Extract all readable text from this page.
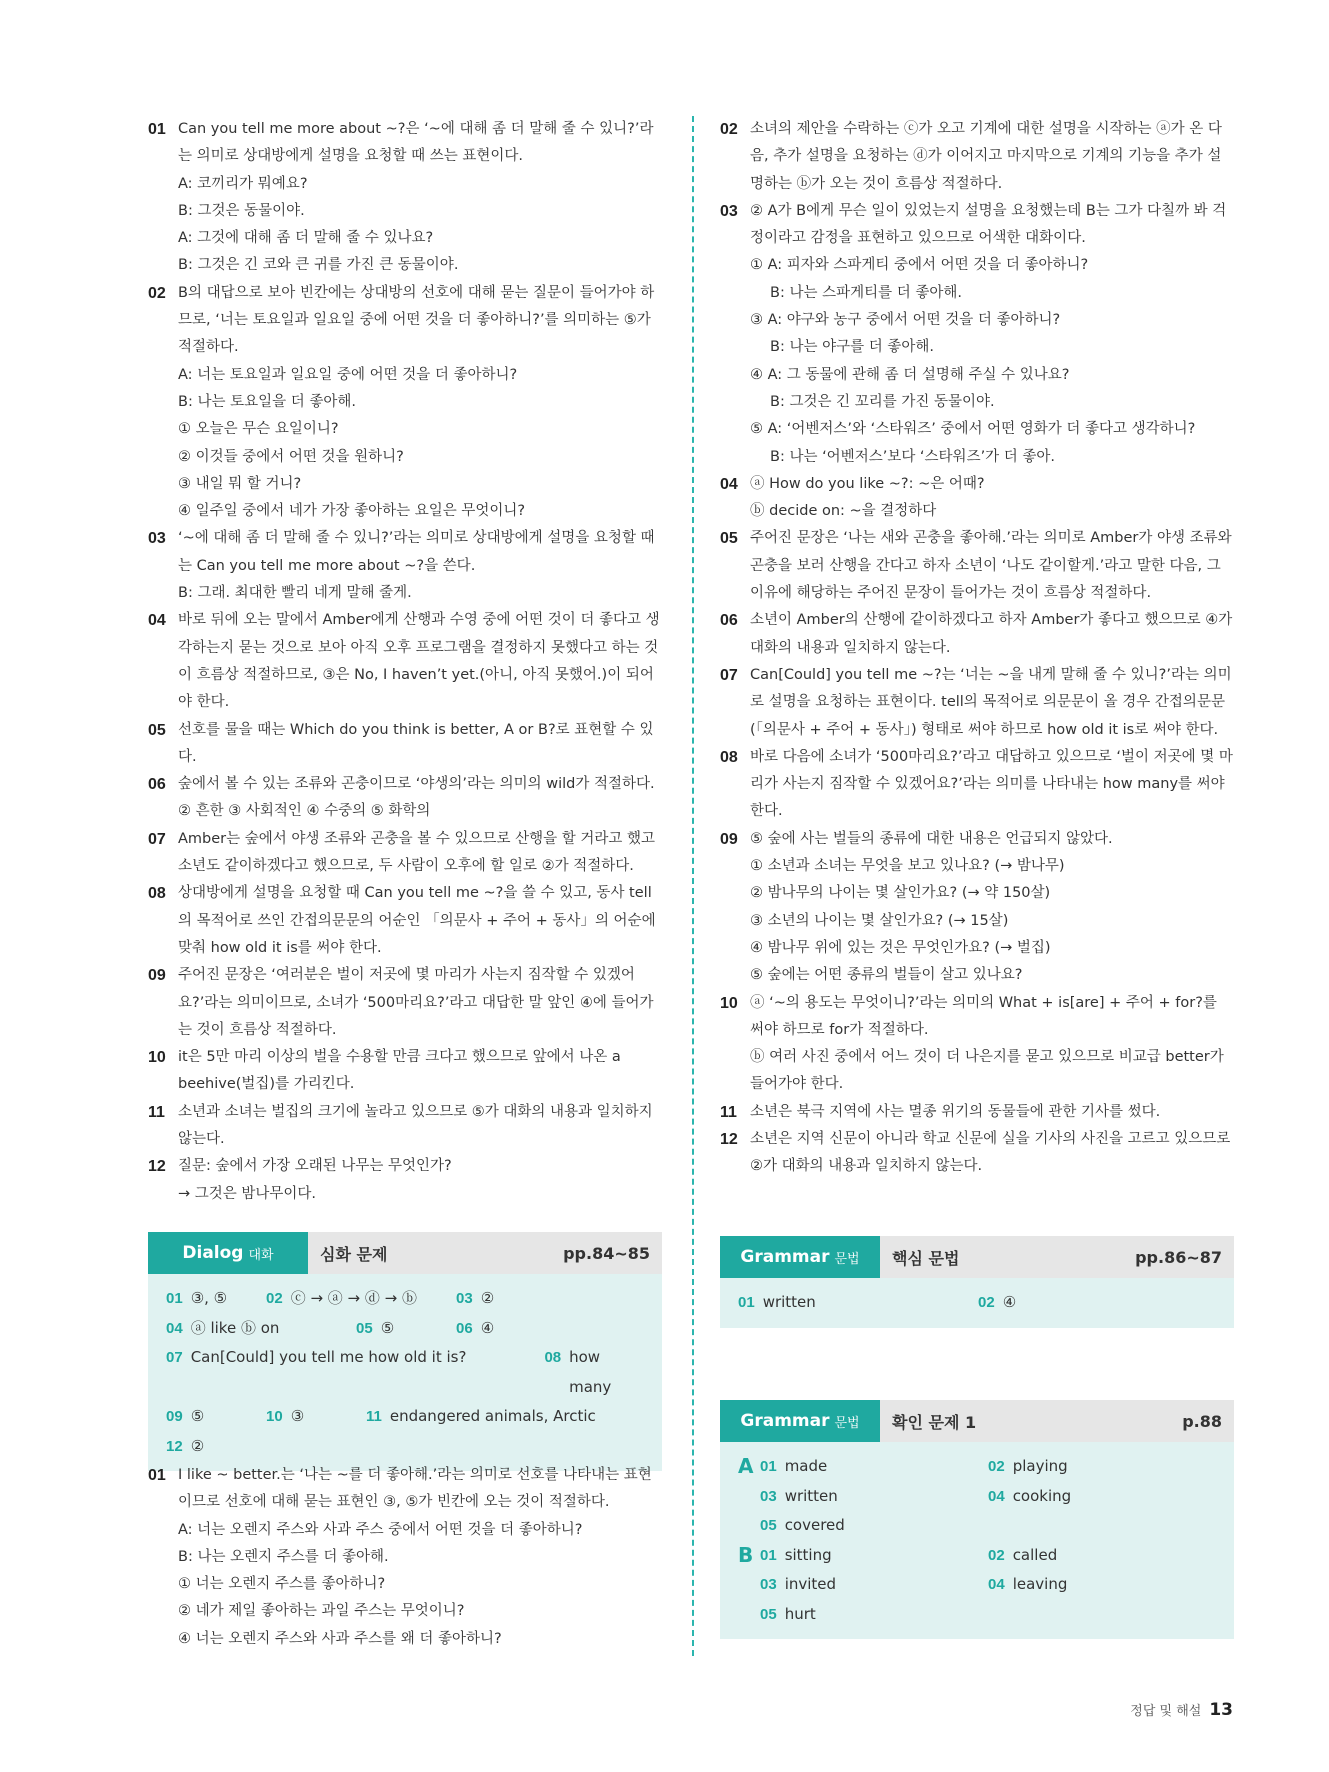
01 Can you tell me more about ~?은 ‘~에 대해 좀 더 말해 줄 수 있니?’라는 의미로 상대방에게 설명을 요청할 때 쓰는 표현이다.

A: 코끼리가 뭐예요?

B: 그것은 동물이야.

A: 그것에 대해 좀 더 말해 줄 수 있나요?

B: 그것은 긴 코와 큰 귀를 가진 큰 동물이야.

02 B의 대답으로 보아 빈칸에는 상대방의 선호에 대해 묻는 질문이 들어가야 하므로, ‘너는 토요일과 일요일 중에 어떤 것을 더 좋아하니?’를 의미하는 ⑤가 적절하다.

A: 너는 토요일과 일요일 중에 어떤 것을 더 좋아하니?

B: 나는 토요일을 더 좋아해.

① 오늘은 무슨 요일이니?

② 이것들 중에서 어떤 것을 원하니?

③ 내일 뭐 할 거니?

④ 일주일 중에서 네가 가장 좋아하는 요일은 무엇이니?

03 ‘~에 대해 좀 더 말해 줄 수 있니?’라는 의미로 상대방에게 설명을 요청할 때는 Can you tell me more about ~?을 쓴다.

B: 그래. 최대한 빨리 네게 말해 줄게.

04 바로 뒤에 오는 말에서 Amber에게 산행과 수영 중에 어떤 것이 더 좋다고 생각하는지 묻는 것으로 보아 아직 오후 프로그램을 결정하지 못했다고 하는 것이 흐름상 적절하므로, ③은 No, I haven’t yet.(아니, 아직 못했어.)이 되어야 한다.

05 선호를 물을 때는 Which do you think is better, A or B?로 표현할 수 있다.

06 숲에서 볼 수 있는 조류와 곤충이므로 ‘야생의’라는 의미의 wild가 적절하다.

② 흔한 ③ 사회적인 ④ 수중의 ⑤ 화학의

07 Amber는 숲에서 야생 조류와 곤충을 볼 수 있으므로 산행을 할 거라고 했고 소년도 같이하겠다고 했으므로, 두 사람이 오후에 할 일로 ②가 적절하다.

08 상대방에게 설명을 요청할 때 Can you tell me ~?을 쓸 수 있고, 동사 tell의 목적어로 쓰인 간접의문문의 어순인 「의문사 + 주어 + 동사」의 어순에 맞춰 how old it is를 써야 한다.

09 주어진 문장은 ‘여러분은 벌이 저곳에 몇 마리가 사는지 짐작할 수 있겠어요?’라는 의미이므로, 소녀가 ‘500마리요?’라고 대답한 말 앞인 ④에 들어가는 것이 흐름상 적절하다.

10 it은 5만 마리 이상의 벌을 수용할 만큼 크다고 했으므로 앞에서 나온 a beehive(벌집)를 가리킨다.

11 소년과 소녀는 벌집의 크기에 놀라고 있으므로 ⑤가 대화의 내용과 일치하지 않는다.

12 질문: 숲에서 가장 오래된 나무는 무엇인가?

→ 그것은 밤나무이다.

02 소녀의 제안을 수락하는 ⓒ가 오고 기계에 대한 설명을 시작하는 ⓐ가 온 다음, 추가 설명을 요청하는 ⓓ가 이어지고 마지막으로 기계의 기능을 추가 설명하는 ⓑ가 오는 것이 흐름상 적절하다.

03 ② A가 B에게 무슨 일이 있었는지 설명을 요청했는데 B는 그가 다칠까 봐 걱정이라고 감정을 표현하고 있으므로 어색한 대화이다.

① A: 피자와 스파게티 중에서 어떤 것을 더 좋아하니?

B: 나는 스파게티를 더 좋아해.

③ A: 야구와 농구 중에서 어떤 것을 더 좋아하니?

B: 나는 야구를 더 좋아해.

④ A: 그 동물에 관해 좀 더 설명해 주실 수 있나요?

B: 그것은 긴 꼬리를 가진 동물이야.

⑤ A: ‘어벤저스’와 ‘스타워즈’ 중에서 어떤 영화가 더 좋다고 생각하니?

B: 나는 ‘어벤저스’보다 ‘스타워즈’가 더 좋아.

04 ⓐ How do you like ~?: ~은 어때?

ⓑ decide on: ~을 결정하다

05 주어진 문장은 ‘나는 새와 곤충을 좋아해.’라는 의미로 Amber가 야생 조류와 곤충을 보러 산행을 간다고 하자 소년이 ‘나도 같이할게.’라고 말한 다음, 그 이유에 해당하는 주어진 문장이 들어가는 것이 흐름상 적절하다.

06 소년이 Amber의 산행에 같이하겠다고 하자 Amber가 좋다고 했으므로 ④가 대화의 내용과 일치하지 않는다.

07 Can[Could] you tell me ~?는 ‘너는 ~을 내게 말해 줄 수 있니?’라는 의미로 설명을 요청하는 표현이다. tell의 목적어로 의문문이 올 경우 간접의문문(「의문사 + 주어 + 동사」) 형태로 써야 하므로 how old it is로 써야 한다.

08 바로 다음에 소녀가 ‘500마리요?’라고 대답하고 있으므로 ‘벌이 저곳에 몇 마리가 사는지 짐작할 수 있겠어요?’라는 의미를 나타내는 how many를 써야 한다.

09 ⑤ 숲에 사는 벌들의 종류에 대한 내용은 언급되지 않았다.

① 소년과 소녀는 무엇을 보고 있나요? (→ 밤나무)

② 밤나무의 나이는 몇 살인가요? (→ 약 150살)

③ 소년의 나이는 몇 살인가요? (→ 15살)

④ 밤나무 위에 있는 것은 무엇인가요? (→ 벌집)

⑤ 숲에는 어떤 종류의 벌들이 살고 있나요?

10 ⓐ ‘~의 용도는 무엇이니?’라는 의미의 What + is[are] + 주어 + for?를 써야 하므로 for가 적절하다.

ⓑ 여러 사진 중에서 어느 것이 더 나은지를 묻고 있으므로 비교급 better가 들어가야 한다.

11 소년은 북극 지역에 사는 멸종 위기의 동물들에 관한 기사를 썼다.

12 소년은 지역 신문이 아니라 학교 신문에 실을 기사의 사진을 고르고 있으므로 ②가 대화의 내용과 일치하지 않는다.

Dialog 대화	심화 문제	pp.84~85
01 ③, ⑤	02 ⓒ → ⓐ → ⓓ → ⓑ	03 ②
04 ⓐ like ⓑ on	05 ⑤	06 ④
07 Can[Could] you tell me how old it is?	08 how many
09 ⑤	10 ③	11 endangered animals, Arctic
12 ②
01 I like ~ better.는 ‘나는 ~를 더 좋아해.’라는 의미로 선호를 나타내는 표현이므로 선호에 대해 묻는 표현인 ③, ⑤가 빈칸에 오는 것이 적절하다.

A: 너는 오렌지 주스와 사과 주스 중에서 어떤 것을 더 좋아하니?

B: 나는 오렌지 주스를 더 좋아해.

① 너는 오렌지 주스를 좋아하니?

② 네가 제일 좋아하는 과일 주스는 무엇이니?

④ 너는 오렌지 주스와 사과 주스를 왜 더 좋아하니?

Grammar 문법	핵심 문법	pp.86~87
01 written	02 ④
Grammar 문법	확인 문제 1	p.88
A 01 made	02 playing
03 written	04 cooking
05 covered
B 01 sitting	02 called
03 invited	04 leaving
05 hurt
정답 및 해설 13
